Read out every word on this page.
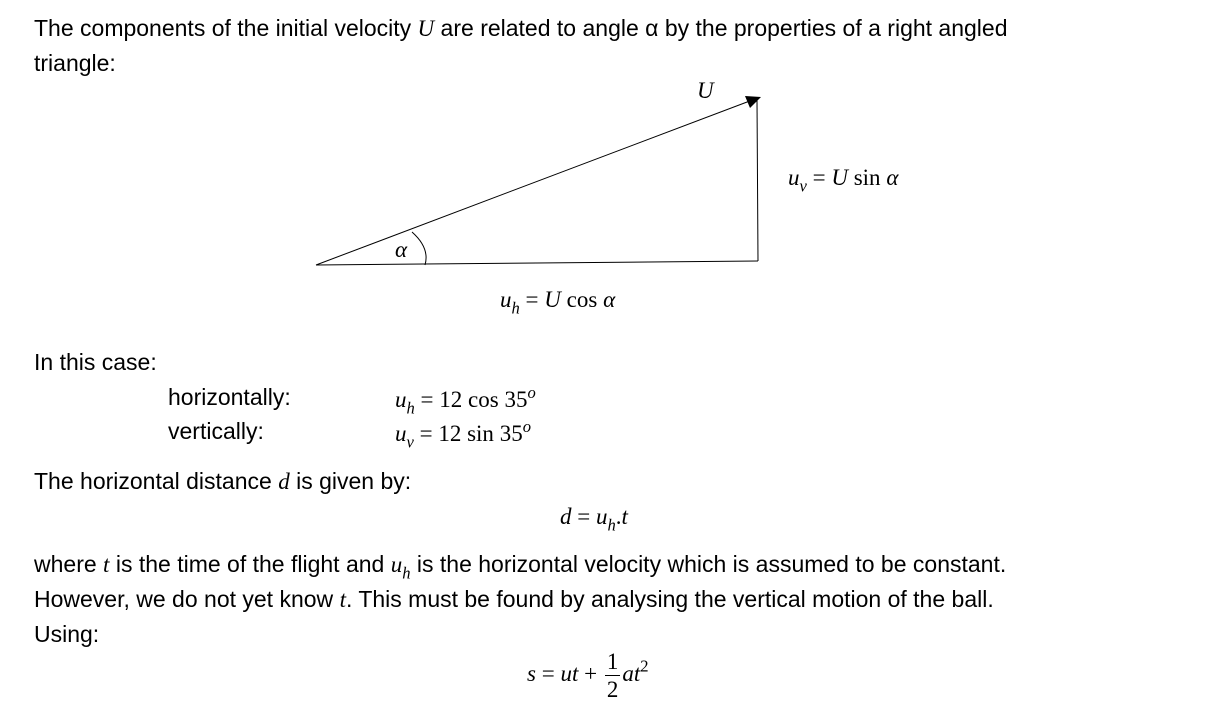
The components of the initial velocity U are related to angle α by the properties of a right angled
triangle:
U
α
$u_v = U$ sin α
$u_h = U$ cos α
In this case:
horizontally:
vertically:
$u_h = 12$ cos 35$^o$
$u_v = 12$ sin 35$^o$
The horizontal distance d is given by:
$d = u_h.t$
where t is the time of the flight and $u_h$ is the horizontal velocity which is assumed to be constant.
However, we do not yet know t. This must be found by analysing the vertical motion of the ball.
Using:
s = ut + $\frac{1}{2} at^2$
